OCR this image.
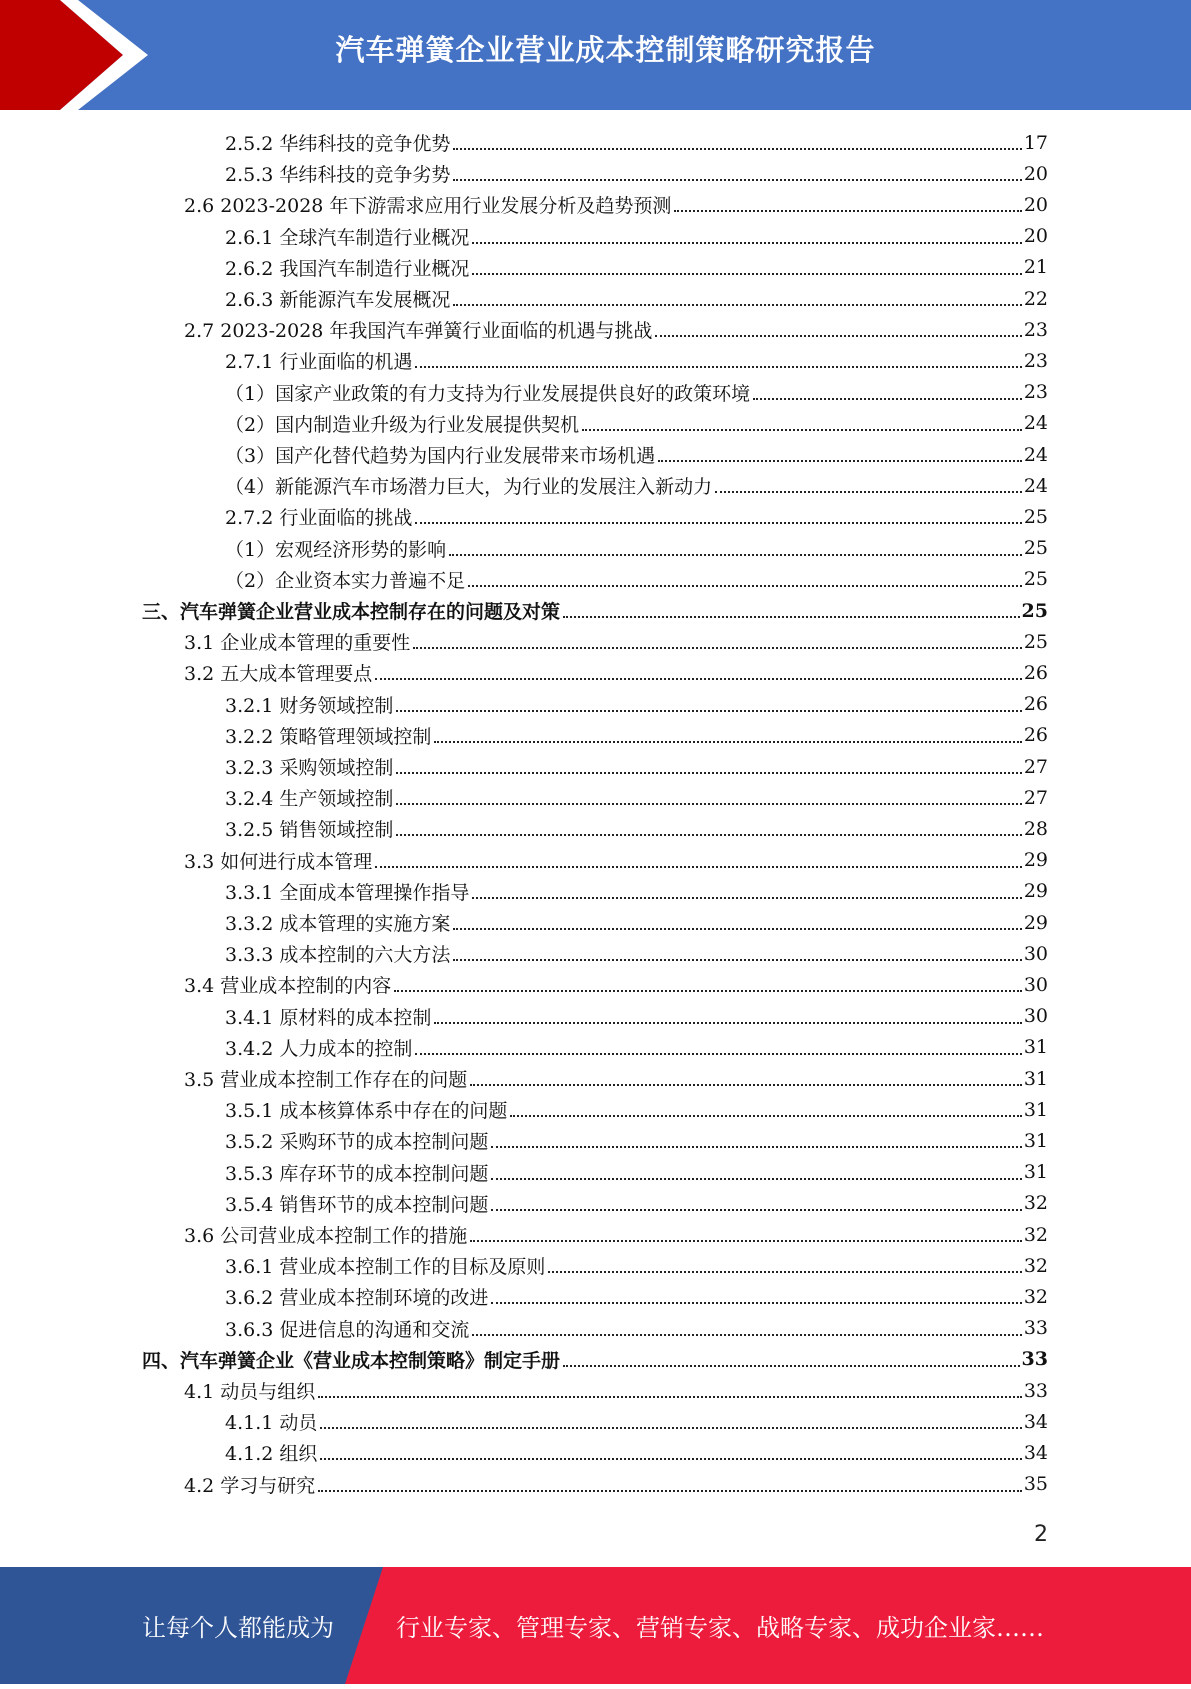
汽车弹簧企业营业成本控制策略研究报告
2.5.2 华纬科技的竞争优势	17
2.5.3 华纬科技的竞争劣势	20
2.6 2023-2028 年下游需求应用行业发展分析及趋势预测	20
2.6.1 全球汽车制造行业概况	20
2.6.2 我国汽车制造行业概况	21
2.6.3 新能源汽车发展概况	22
2.7 2023-2028 年我国汽车弹簧行业面临的机遇与挑战	23
2.7.1 行业面临的机遇	23
（1）国家产业政策的有力支持为行业发展提供良好的政策环境	23
（2）国内制造业升级为行业发展提供契机	24
（3）国产化替代趋势为国内行业发展带来市场机遇	24
（4）新能源汽车市场潜力巨大，为行业的发展注入新动力	24
2.7.2 行业面临的挑战	25
（1）宏观经济形势的影响	25
（2）企业资本实力普遍不足	25
三、汽车弹簧企业营业成本控制存在的问题及对策	25
3.1 企业成本管理的重要性	25
3.2 五大成本管理要点	26
3.2.1 财务领域控制	26
3.2.2 策略管理领域控制	26
3.2.3 采购领域控制	27
3.2.4 生产领域控制	27
3.2.5 销售领域控制	28
3.3 如何进行成本管理	29
3.3.1 全面成本管理操作指导	29
3.3.2 成本管理的实施方案	29
3.3.3 成本控制的六大方法	30
3.4 营业成本控制的内容	30
3.4.1 原材料的成本控制	30
3.4.2 人力成本的控制	31
3.5 营业成本控制工作存在的问题	31
3.5.1 成本核算体系中存在的问题	31
3.5.2 采购环节的成本控制问题	31
3.5.3 库存环节的成本控制问题	31
3.5.4 销售环节的成本控制问题	32
3.6 公司营业成本控制工作的措施	32
3.6.1 营业成本控制工作的目标及原则	32
3.6.2 营业成本控制环境的改进	32
3.6.3 促进信息的沟通和交流	33
四、汽车弹簧企业《营业成本控制策略》制定手册	33
4.1 动员与组织	33
4.1.1 动员	34
4.1.2 组织	34
4.2 学习与研究	35
2
让每个人都能成为	行业专家、管理专家、营销专家、战略专家、成功企业家……
